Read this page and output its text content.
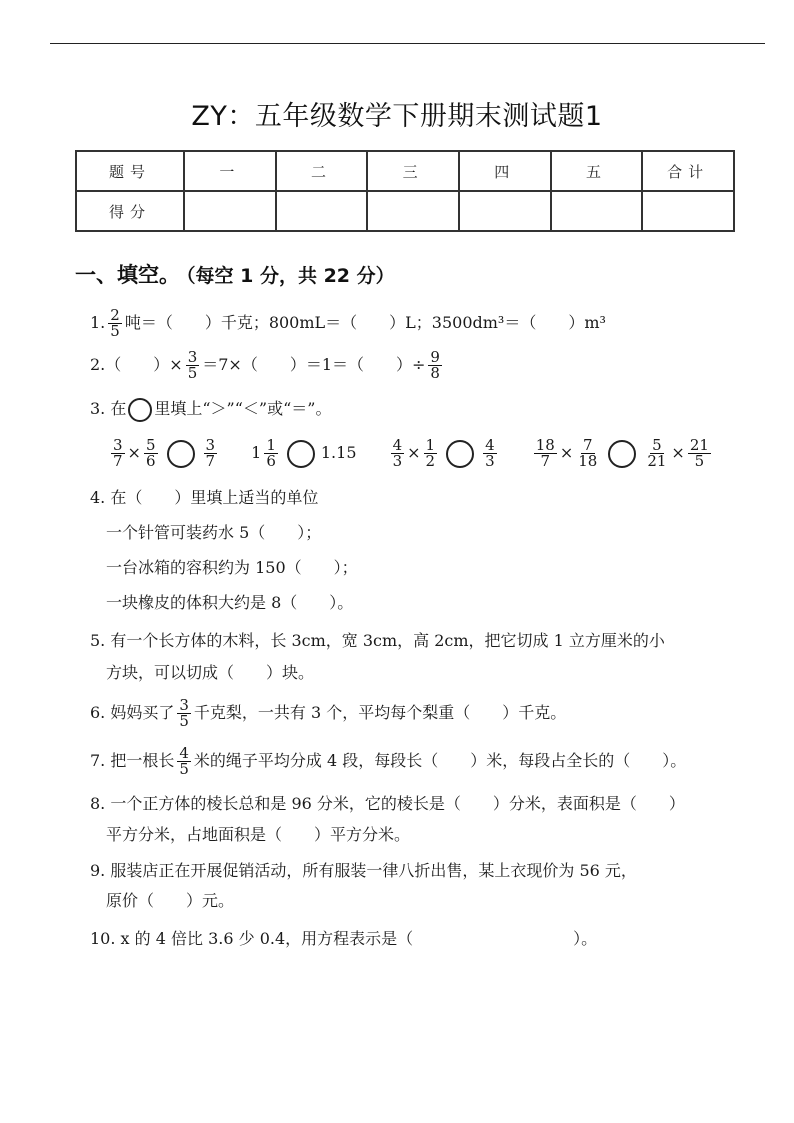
ZY：五年级数学下册期末测试题1
题号	一	二	三	四	五	合计
得分						
一、填空。 （每空 1 分，共 22 分）
1. $\frac{2}{5}$ 吨＝（　　）千克；800mL＝（　　）L；3500dm³＝（　　）m³
2.（　　）× $\frac{3}{5} =7\times$（　　）＝1＝（　　）÷ $\frac{9}{8}$
3. 在 里填上“＞”“＜”或“＝”。
$\frac{3}{7} \times \frac{5}{6}$	$\frac{3}{7} 1 \frac{1}{6}$	$1.15 \frac{4}{3} \times \frac{1}{2}$	$\frac{4}{3}$
$\frac{18}{7} \times \frac{7}{18}$	$\frac{5}{21} \times \frac{21}{5}$
4. 在（　　）里填上适当的单位
一个针管可装药水 5（　　）；
一台冰箱的容积约为 150（　　）；
一块橡皮的体积大约是 8（　　）。
5. 有一个长方体的木料，长 3cm，宽 3cm，高 2cm，把它切成 1 立方厘米的小
方块，可以切成（　　）块。
6. 妈妈买了 $\frac{3}{5}$ 千克梨，一共有 3 个，平均每个梨重（　　）千克。
7. 把一根长 $\frac{4}{5}$ 米的绳子平均分成 4 段，每段长（　　）米，每段占全长的（　　）。
8. 一个正方体的棱长总和是 96 分米，它的棱长是（　　）分米，表面积是（　　）
平方分米，占地面积是（　　）平方分米。
9. 服装店正在开展促销活动，所有服装一律八折出售，某上衣现价为 56 元，
原价（　　）元。
10. x 的 4 倍比 3.6 少 0.4，用方程表示是（　　　　　　　　　　）。
